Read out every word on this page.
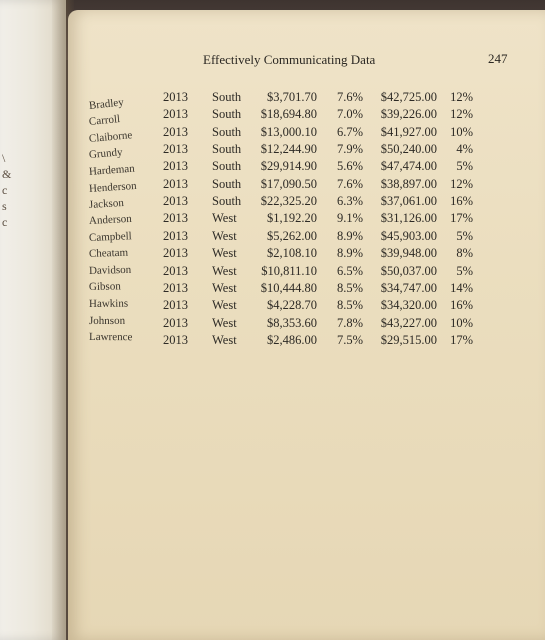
\
&
c
s
c
Effectively Communicating Data	247
Bradley	2013 South	$3,701.70	7.6%	$42,725.00	12%
Carroll	2013 South	$18,694.80	7.0%	$39,226.00	12%
Claiborne 2013 South	$13,000.10	6.7%	$41,927.00	10%
Grundy	2013 South	$12,244.90	7.9%	$50,240.00	4%
Hardeman 2013 South	$29,914.90	5.6%	$47,474.00	5%
Henderson 2013 South	$17,090.50	7.6%	$38,897.00	12%
Jackson	2013 South	$22,325.20	6.3%	$37,061.00	16%
Anderson 2013 West	$1,192.20	9.1%	$31,126.00	17%
Campbell 2013 West	$5,262.00	8.9%	$45,903.00	5%
Cheatam	2013 West	$2,108.10	8.9%	$39,948.00	8%
Davidson	2013 West	$10,811.10	6.5%	$50,037.00	5%
Gibson	2013 West	$10,444.80	8.5%	$34,747.00	14%
Hawkins	2013 West	$4,228.70	8.5%	$34,320.00	16%
Johnson	2013 West	$8,353.60	7.8%	$43,227.00	10%
Lawrence 2013 West	$2,486.00	7.5%	$29,515.00	17%
